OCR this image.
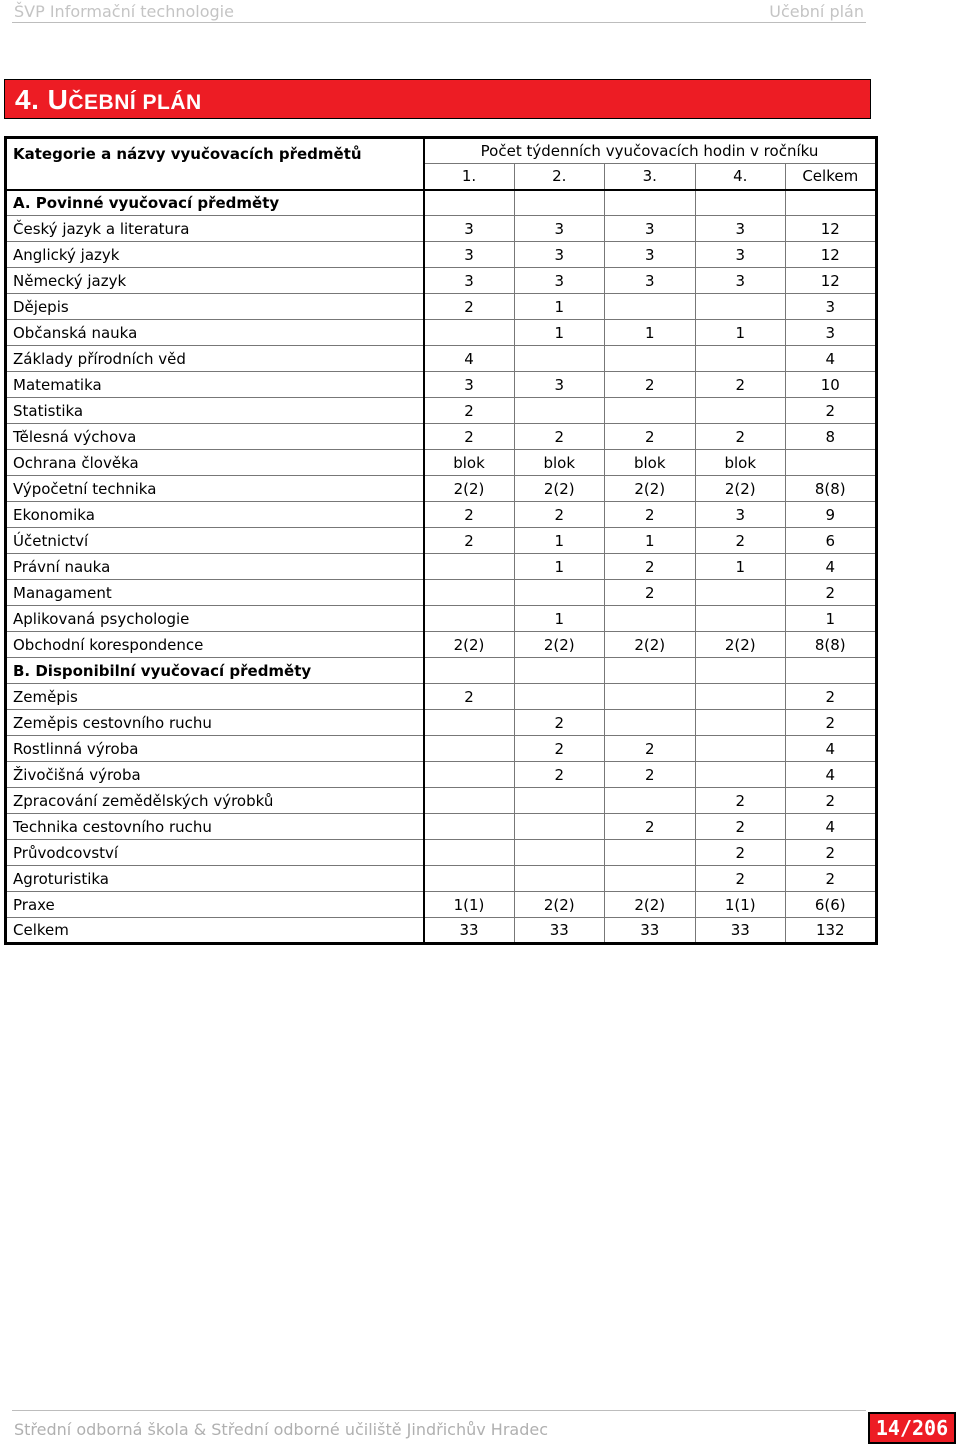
ŠVP Informační technologie	Učební plán
4. UČEBNÍ PLÁN
Kategorie a názvy vyučovacích předmětů	Počet týdenních vyučovacích hodin v ročníku				
	1.	2.	3.	4.	Celkem
A. Povinné vyučovací předměty					
Český jazyk a literatura	3	3	3	3	12
Anglický jazyk	3	3	3	3	12
Německý jazyk	3	3	3	3	12
Dějepis	2	1			3
Občanská nauka		1	1	1	3
Základy přírodních věd	4				4
Matematika	3	3	2	2	10
Statistika	2				2
Tělesná výchova	2	2	2	2	8
Ochrana člověka	blok	blok	blok	blok	
Výpočetní technika	2(2)	2(2)	2(2)	2(2)	8(8)
Ekonomika	2	2	2	3	9
Účetnictví	2	1	1	2	6
Právní nauka		1	2	1	4
Managament			2		2
Aplikovaná psychologie		1			1
Obchodní korespondence	2(2)	2(2)	2(2)	2(2)	8(8)
B. Disponibilní vyučovací předměty					
Zeměpis	2				2
Zeměpis cestovního ruchu		2			2
Rostlinná výroba		2	2		4
Živočišná výroba		2	2		4
Zpracování zemědělských výrobků				2	2
Technika cestovního ruchu			2	2	4
Průvodcovství				2	2
Agroturistika				2	2
Praxe	1(1)	2(2)	2(2)	1(1)	6(6)
Celkem	33	33	33	33	132
Střední odborná škola & Střední odborné učiliště Jindřichův Hradec	14/206
